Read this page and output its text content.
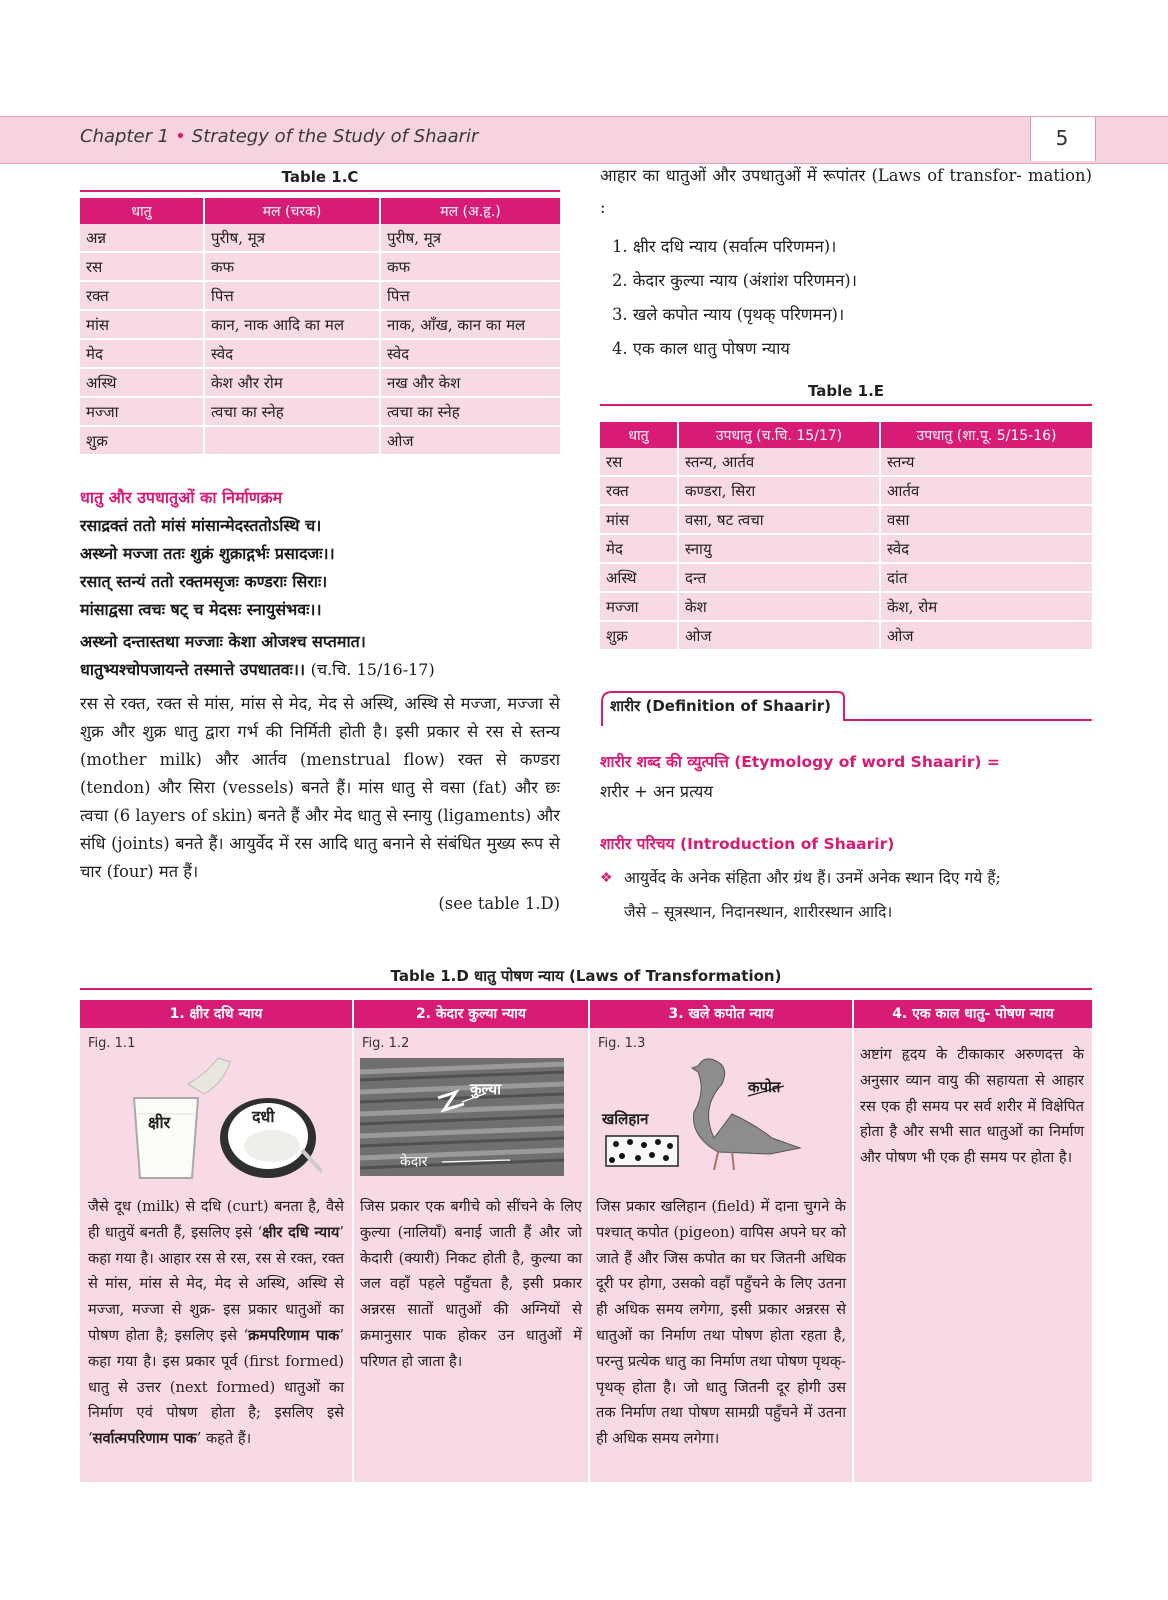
Chapter 1 • Strategy of the Study of Shaarir	5
Table 1.C
धातु	मल (चरक)	मल (अ.हृ.)
अन्न	पुरीष, मूत्र	पुरीष, मूत्र
रस	कफ	कफ
रक्त	पित्त	पित्त
मांस	कान, नाक आदि का मल	नाक, आँख, कान का मल
मेद	स्वेद	स्वेद
अस्थि	केश और रोम	नख और केश
मज्जा	त्वचा का स्नेह	त्वचा का स्नेह
शुक्र		ओज
धातु और उपधातुओं का निर्माणक्रम
रसाद्रक्तं ततो मांसं मांसान्मेदस्ततोऽस्थि च।
अस्थ्नो मज्जा ततः शुक्रं शुक्राद्गर्भः प्रसादजः।।
रसात् स्तन्यं ततो रक्तमसृजः कण्डराः सिराः।
मांसाद्वसा त्वचः षट् च मेदसः स्नायुसंभवः।।
अस्थ्नो दन्तास्तथा मज्जाः केशा ओजश्च सप्तमात।
धातुभ्यश्चोपजायन्ते तस्मात्ते उपधातवः।। (च.चि. 15/16-17)
रस से रक्त, रक्त से मांस, मांस से मेद, मेद से अस्थि, अस्थि से मज्जा, मज्जा से शुक्र और शुक्र धातु द्वारा गर्भ की निर्मिती होती है। इसी प्रकार से रस से स्तन्य (mother milk) और आर्तव (menstrual flow) रक्त से कण्डरा (tendon) और सिरा (vessels) बनते हैं। मांस धातु से वसा (fat) और छः त्वचा (6 layers of skin) बनते हैं और मेद धातु से स्नायु (ligaments) और संधि (joints) बनते हैं। आयुर्वेद में रस आदि धातु बनाने से संबंधित मुख्य रूप से चार (four) मत हैं।
(see table 1.D)
आहार का धातुओं और उपधातुओं में रूपांतर (Laws of transfor- mation) :
1. क्षीर दधि न्याय (सर्वात्म परिणमन)।
2. केदार कुल्या न्याय (अंशांश परिणमन)।
3. खले कपोत न्याय (पृथक् परिणमन)।
4. एक काल धातु पोषण न्याय
Table 1.E
धातु	उपधातु (च.चि. 15/17)	उपधातु (शा.पू. 5/15-16)
रस	स्तन्य, आर्तव	स्तन्य
रक्त	कण्डरा, सिरा	आर्तव
मांस	वसा, षट त्वचा	वसा
मेद	स्नायु	स्वेद
अस्थि	दन्त	दांत
मज्जा	केश	केश, रोम
शुक्र	ओज	ओज
शारीर (Definition of Shaarir)
शारीर शब्द की व्युत्पत्ति (Etymology of word Shaarir) =
शरीर + अन प्रत्यय
शारीर परिचय (Introduction of Shaarir)
❖ आयुर्वेद के अनेक संहिता और ग्रंथ हैं। उनमें अनेक स्थान दिए गये हैं;
जैसे – सूत्रस्थान, निदानस्थान, शारीरस्थान आदि।
Table 1.D धातु पोषण न्याय (Laws of Transformation)
1. क्षीर दधि न्याय	2. केदार कुल्या न्याय	3. खले कपोत न्याय	4. एक काल धातु- पोषण न्याय
Fig. 1.1
क्षीर	दधी
जैसे दूध (milk) से दधि (curt) बनता है, वैसे ही धातुयें बनती हैं, इसलिए इसे ‘क्षीर दधि न्याय’ कहा गया है। आहार रस से रस, रस से रक्त, रक्त से मांस, मांस से मेद, मेद से अस्थि, अस्थि से मज्जा, मज्जा से शुक्र- इस प्रकार धातुओं का पोषण होता है; इसलिए इसे ‘क्रमपरिणाम पाक’ कहा गया है। इस प्रकार पूर्व (first formed) धातु से उत्तर (next formed) धातुओं का निर्माण एवं पोषण होता है; इसलिए इसे ‘सर्वात्मपरिणाम पाक’ कहते हैं।
Fig. 1.2
कुल्या
केदार
जिस प्रकार एक बगीचे को सींचने के लिए कुल्या (नालियाँ) बनाई जाती हैं और जो केदारी (क्यारी) निकट होती है, कुल्या का जल वहाँ पहले पहुँचता है, इसी प्रकार अन्नरस सातों धातुओं की अग्नियों से क्रमानुसार पाक होकर उन धातुओं में परिणत हो जाता है।
Fig. 1.3
कपोत
खलिहान
जिस प्रकार खलिहान (field) में दाना चुगने के पश्चात् कपोत (pigeon) वापिस अपने घर को जाते हैं और जिस कपोत का घर जितनी अधिक दूरी पर होगा, उसको वहाँ पहुँचने के लिए उतना ही अधिक समय लगेगा, इसी प्रकार अन्नरस से धातुओं का निर्माण तथा पोषण होता रहता है, परन्तु प्रत्येक धातु का निर्माण तथा पोषण पृथक्-पृथक् होता है। जो धातु जितनी दूर होगी उस तक निर्माण तथा पोषण सामग्री पहुँचने में उतना ही अधिक समय लगेगा।
अष्टांग हृदय के टीकाकार अरुणदत्त के अनुसार व्यान वायु की सहायता से आहार रस एक ही समय पर सर्व शरीर में विक्षेपित होता है और सभी सात धातुओं का निर्माण और पोषण भी एक ही समय पर होता है।
